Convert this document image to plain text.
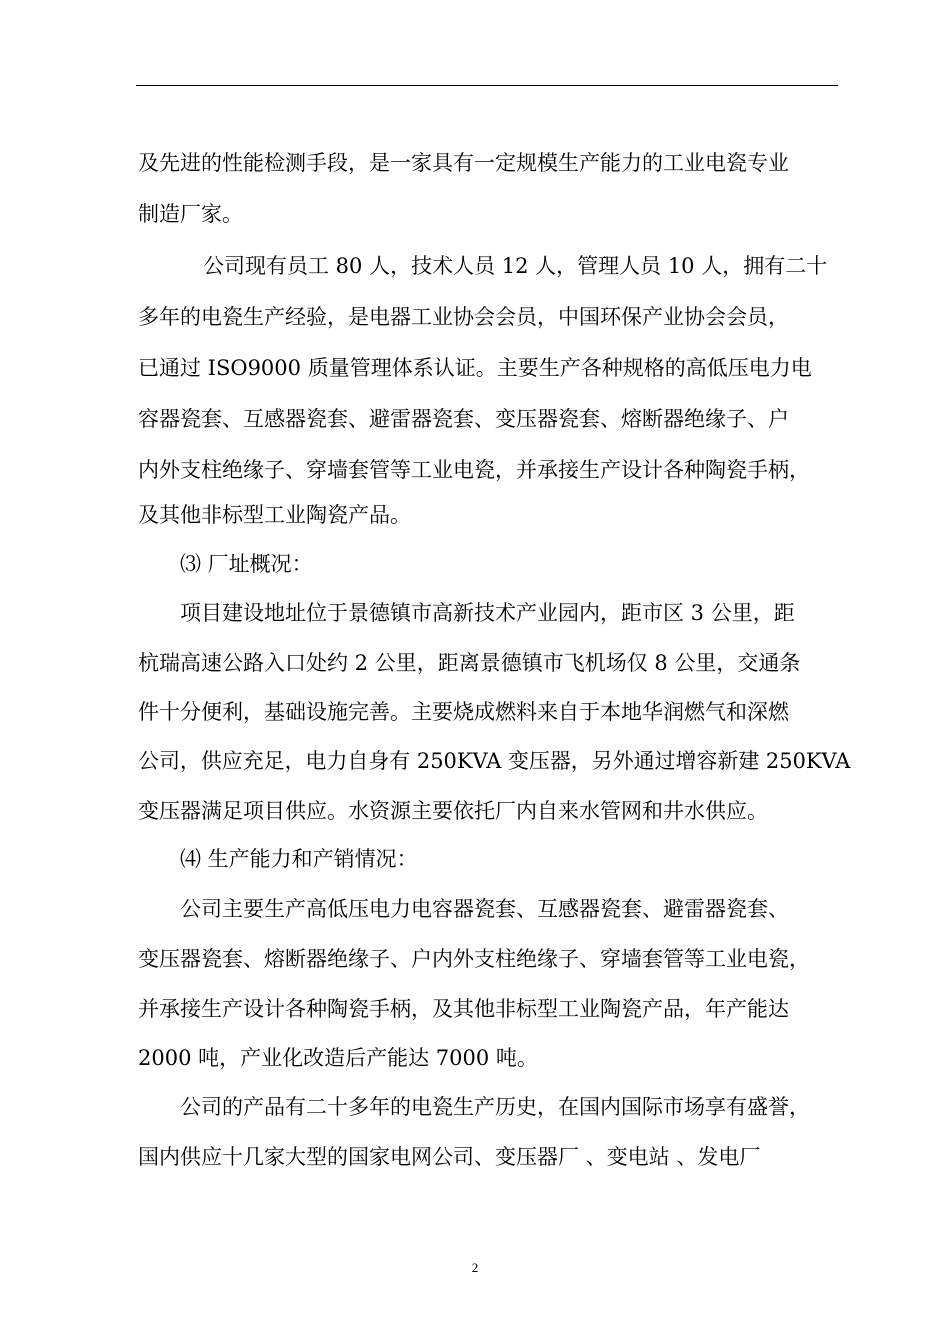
及先进的性能检测手段，是一家具有一定规模生产能力的工业电瓷专业
制造厂家。
公司现有员工 80 人，技术人员 12 人，管理人员 10 人，拥有二十
多年的电瓷生产经验，是电器工业协会会员，中国环保产业协会会员，
已通过 ISO9000 质量管理体系认证。主要生产各种规格的高低压电力电
容器瓷套、互感器瓷套、避雷器瓷套、变压器瓷套、熔断器绝缘子、户
内外支柱绝缘子、穿墙套管等工业电瓷，并承接生产设计各种陶瓷手柄，
及其他非标型工业陶瓷产品。
⑶ 厂址概况：
项目建设地址位于景德镇市高新技术产业园内，距市区 3 公里，距
杭瑞高速公路入口处约 2 公里，距离景德镇市飞机场仅 8 公里，交通条
件十分便利，基础设施完善。主要烧成燃料来自于本地华润燃气和深燃
公司，供应充足，电力自身有 250KVA 变压器，另外通过增容新建 250KVA
变压器满足项目供应。水资源主要依托厂内自来水管网和井水供应。
⑷ 生产能力和产销情况：
公司主要生产高低压电力电容器瓷套、互感器瓷套、避雷器瓷套、
变压器瓷套、熔断器绝缘子、户内外支柱绝缘子、穿墙套管等工业电瓷，
并承接生产设计各种陶瓷手柄，及其他非标型工业陶瓷产品，年产能达
2000 吨，产业化改造后产能达 7000 吨。
公司的产品有二十多年的电瓷生产历史，在国内国际市场享有盛誉，
国内供应十几家大型的国家电网公司、变压器厂 、变电站 、发电厂
2
